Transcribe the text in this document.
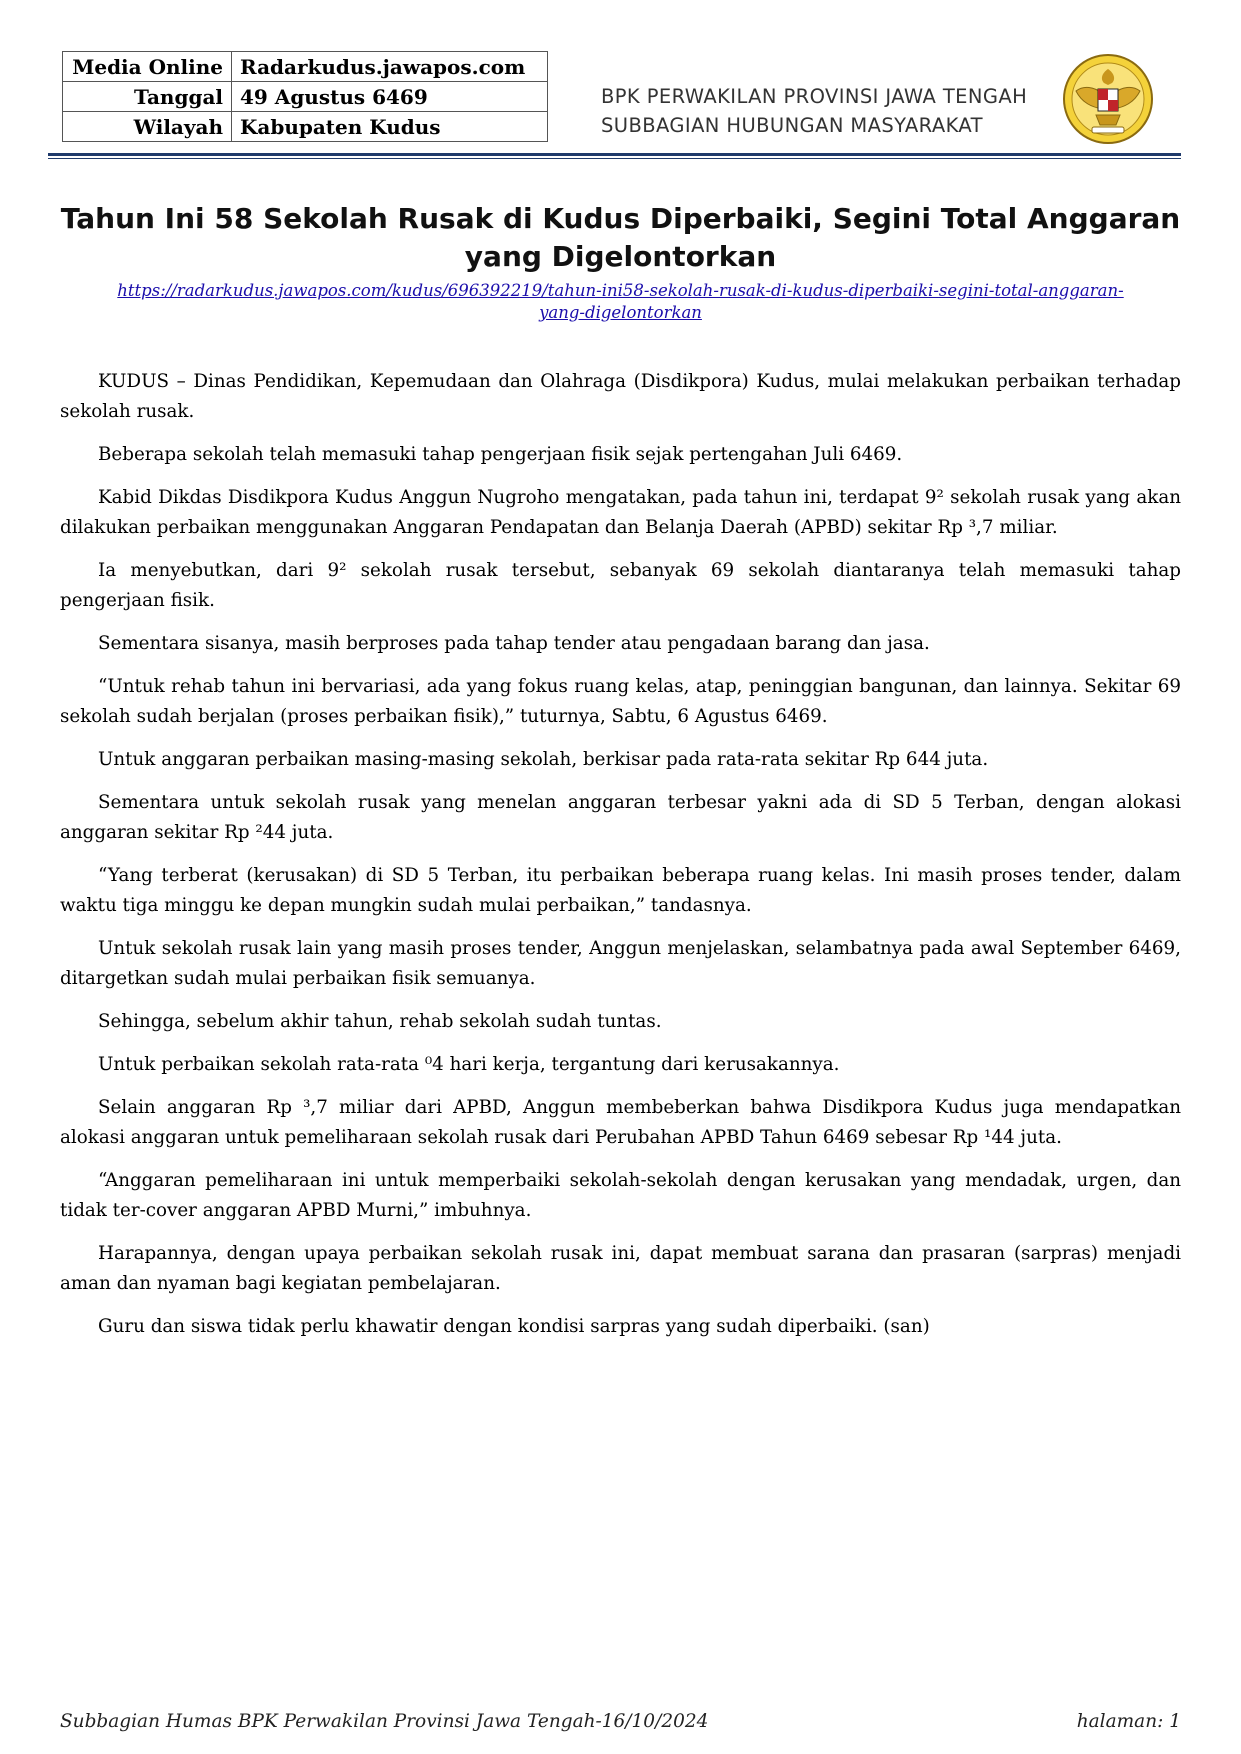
Media Online	Radarkudus.jawapos.com
Tanggal	49 Agustus 6469
Wilayah	Kabupaten Kudus
BPK PERWAKILAN PROVINSI JAWA TENGAH
SUBBAGIAN HUBUNGAN MASYARAKAT
Tahun Ini 58 Sekolah Rusak di Kudus Diperbaiki, Segini Total Anggaran
yang Digelontorkan
https://radarkudus.jawapos.com/kudus/696392219/tahun-ini58-sekolah-rusak-di-kudus-diperbaiki-segini-total-anggaran-
yang-digelontorkan

KUDUS – Dinas Pendidikan, Kepemudaan dan Olahraga (Disdikpora) Kudus, mulai melakukan perbaikan terhadap sekolah rusak.

Beberapa sekolah telah memasuki tahap pengerjaan fisik sejak pertengahan Juli 6469.

Kabid Dikdas Disdikpora Kudus Anggun Nugroho mengatakan, pada tahun ini, terdapat 9² sekolah rusak yang akan dilakukan perbaikan menggunakan Anggaran Pendapatan dan Belanja Daerah (APBD) sekitar Rp ³,7 miliar.

Ia menyebutkan, dari 9² sekolah rusak tersebut, sebanyak 69 sekolah diantaranya telah memasuki tahap pengerjaan fisik.

Sementara sisanya, masih berproses pada tahap tender atau pengadaan barang dan jasa.

“Untuk rehab tahun ini bervariasi, ada yang fokus ruang kelas, atap, peninggian bangunan, dan lainnya. Sekitar 69 sekolah sudah berjalan (proses perbaikan fisik),” tuturnya, Sabtu, 6 Agustus 6469.

Untuk anggaran perbaikan masing-masing sekolah, berkisar pada rata-rata sekitar Rp 644 juta.

Sementara untuk sekolah rusak yang menelan anggaran terbesar yakni ada di SD 5 Terban, dengan alokasi anggaran sekitar Rp ²44 juta.

“Yang terberat (kerusakan) di SD 5 Terban, itu perbaikan beberapa ruang kelas. Ini masih proses tender, dalam waktu tiga minggu ke depan mungkin sudah mulai perbaikan,” tandasnya.

Untuk sekolah rusak lain yang masih proses tender, Anggun menjelaskan, selambatnya pada awal September 6469, ditargetkan sudah mulai perbaikan fisik semuanya.

Sehingga, sebelum akhir tahun, rehab sekolah sudah tuntas.

Untuk perbaikan sekolah rata-rata ⁰4 hari kerja, tergantung dari kerusakannya.

Selain anggaran Rp ³,7 miliar dari APBD, Anggun membeberkan bahwa Disdikpora Kudus juga mendapatkan alokasi anggaran untuk pemeliharaan sekolah rusak dari Perubahan APBD Tahun 6469 sebesar Rp ¹44 juta.

“Anggaran pemeliharaan ini untuk memperbaiki sekolah-sekolah dengan kerusakan yang mendadak, urgen, dan tidak ter-cover anggaran APBD Murni,” imbuhnya.

Harapannya, dengan upaya perbaikan sekolah rusak ini, dapat membuat sarana dan prasaran (sarpras) menjadi aman dan nyaman bagi kegiatan pembelajaran.

Guru dan siswa tidak perlu khawatir dengan kondisi sarpras yang sudah diperbaiki. (san)

Subbagian Humas BPK Perwakilan Provinsi Jawa Tengah-16/10/2024	halaman: 1
